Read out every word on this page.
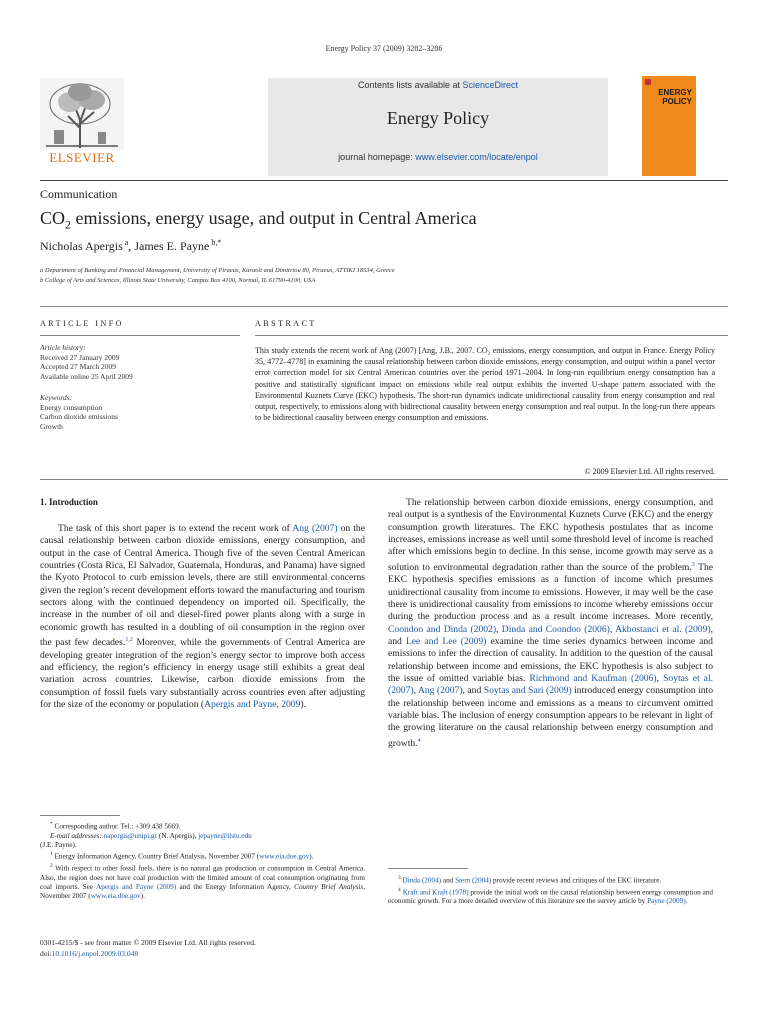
Energy Policy 37 (2009) 3282–3286
ELSEVIER
Contents lists available at ScienceDirect
Energy Policy
journal homepage: www.elsevier.com/locate/enpol
ENERGY
POLICY
Communication
$CO_2$ emissions, energy usage, and output in Central America
Nicholas Apergis $^a$, James E. Payne $^{b,*}$
a Department of Banking and Financial Management, University of Piraeus, Karaoli and Dimitriou 80, Piraeus, ATTIKI 18534, Greece
b College of Arts and Sciences, Illinois State University, Campus Box 4100, Normal, IL 61790-4100, USA
ARTICLE INFO
Article history:
Received 27 January 2009
Accepted 27 March 2009
Available online 25 April 2009
Keywords:
Energy consumption
Carbon dioxide emissions
Growth
ABSTRACT
This study extends the recent work of Ang (2007) [Ang, J.B., 2007. CO₂ emissions, energy consumption, and output in France. Energy Policy 35, 4772–4778] in examining the causal relationship between carbon dioxide emissions, energy consumption, and output within a panel vector error correction model for six Central American countries over the period 1971–2004. In long-run equilibrium energy consumption has a positive and statistically significant impact on emissions while real output exhibits the inverted U-shape pattern associated with the Environmental Kuznets Curve (EKC) hypothesis. The short-run dynamics indicate unidirectional causality from energy consumption and real output, respectively, to emissions along with bidirectional causality between energy consumption and real output. In the long-run there appears to be bidirectional causality between energy consumption and emissions.
© 2009 Elsevier Ltd. All rights reserved.
1. Introduction
The task of this short paper is to extend the recent work of Ang (2007) on the causal relationship between carbon dioxide emissions, energy consumption, and output in the case of Central America. Though five of the seven Central American countries (Costa Rica, El Salvador, Guatemala, Honduras, and Panama) have signed the Kyoto Protocol to curb emission levels, there are still environmental concerns given the region’s recent development efforts toward the manufacturing and tourism sectors along with the continued dependency on imported oil. Specifically, the increase in the number of oil and diesel-fired power plants along with a surge in economic growth has resulted in a doubling of oil consumption in the region over the past few decades.$^{1,2}$ Moreover, while the governments of Central America are developing greater integration of the region’s energy sector to improve both access and efficiency, the region’s efficiency in energy usage still exhibits a great deal variation across countries. Likewise, carbon dioxide emissions from the consumption of fossil fuels vary substantially across countries even after adjusting for the size of the economy or population (Apergis and Payne, 2009).
The relationship between carbon dioxide emissions, energy consumption, and real output is a synthesis of the Environmental Kuznets Curve (EKC) and the energy consumption growth literatures. The EKC hypothesis postulates that as income increases, emissions increase as well until some threshold level of income is reached after which emissions begin to decline. In this sense, income growth may serve as a solution to environmental degradation rather than the source of the problem.$^3$ The EKC hypothesis specifies emissions as a function of income which presumes unidirectional causality from income to emissions. However, it may well be the case there is unidirectional causality from emissions to income whereby emissions occur during the production process and as a result income increases. More recently, Coondoo and Dinda (2002), Dinda and Coondoo (2006), Akbostanci et al. (2009), and Lee and Lee (2009) examine the time series dynamics between income and emissions to infer the direction of causality. In addition to the question of the causal relationship between income and emissions, the EKC hypothesis is also subject to the issue of omitted variable bias. Richmond and Kaufman (2006), Soytas et al. (2007), Ang (2007), and Soytas and Sari (2009) introduced energy consumption into the relationship between income and emissions as a means to circumvent omitted variable bias. The inclusion of energy consumption appears to be relevant in light of the growing literature on the causal relationship between energy consumption and growth.$^4$
* Corresponding author. Tel.: +309 438 5669.
E-mail addresses: napergis@unipi.gr (N. Apergis), jepayne@ilstu.edu
(J.E. Payne).
$^1$ Energy Information Agency, Country Brief Analysis, November 2007 (www.eia.doe.gov).
$^2$ With respect to other fossil fuels, there is no natural gas production or consumption in Central America. Also, the region does not have coal production with the limited amount of coal consumption originating from coal imports. See Apergis and Payne (2009) and the Energy Information Agency, Country Brief Analysis, November 2007 (www.eia.doe.gov).
$^3$ Dinda (2004) and Stern (2004) provide recent reviews and critiques of the EKC literature.
$^4$ Kraft and Kraft (1978) provide the initial work on the causal relationship between energy consumption and economic growth. For a more detailed overview of this literature see the survey article by Payne (2009).
0301-4215/$ - see front matter © 2009 Elsevier Ltd. All rights reserved.
doi:10.1016/j.enpol.2009.03.048
